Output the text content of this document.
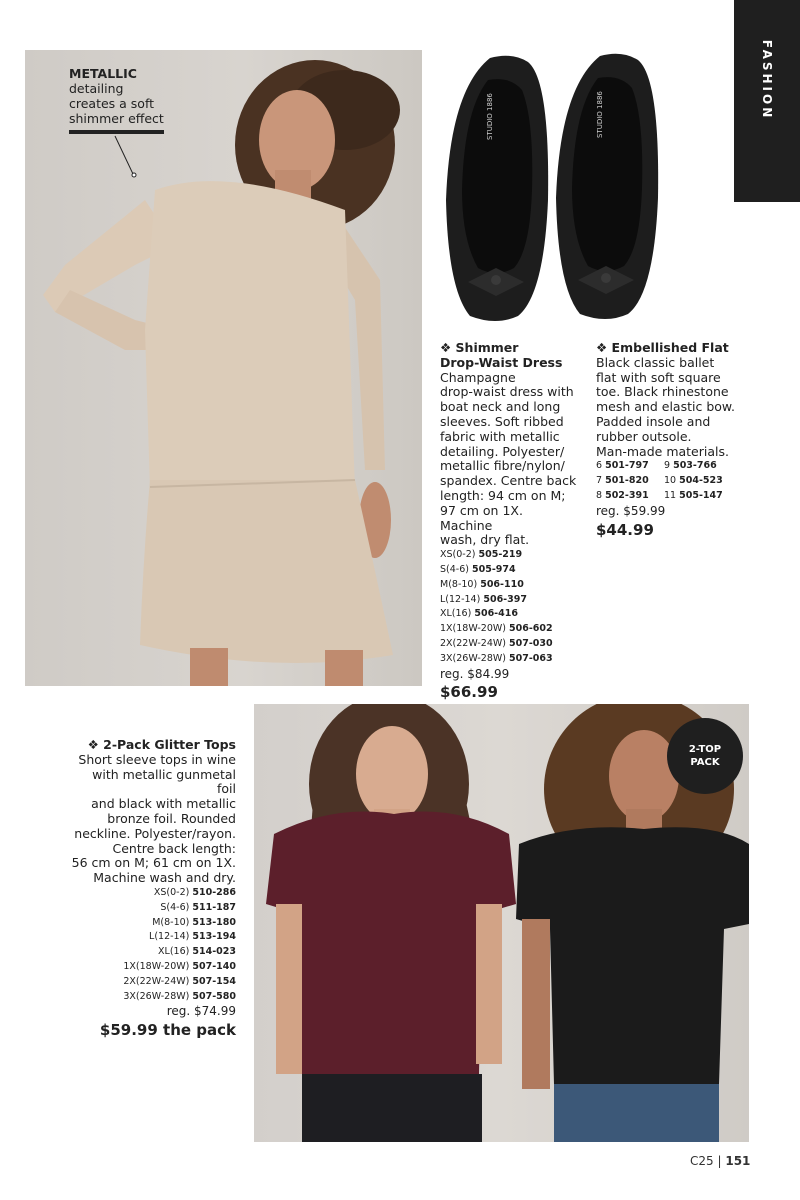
FASHION
METALLIC
detailing
creates a soft
shimmer effect	STUDIO 1886	STUDIO 1886
❖ Shimmer
Drop-Waist Dress
Champagne
drop-waist dress with
boat neck and long
sleeves. Soft ribbed
fabric with metallic
detailing. Polyester/
metallic fibre/nylon/
spandex. Centre back
length: 94 cm on M;
97 cm on 1X. Machine
wash, dry flat.
XS(0-2) 505-219
S(4-6) 505-974
M(8-10) 506-110
L(12-14) 506-397
XL(16) 506-416
1X(18W-20W) 506-602
2X(22W-24W) 507-030
3X(26W-28W) 507-063
reg. $84.99
$66.99
❖ Embellished Flat
Black classic ballet
flat with soft square
toe. Black rhinestone
mesh and elastic bow.
Padded insole and
rubber outsole.
Man-made materials.
6 501-797	9 503-766
7 501-820	10 504-523
8 502-391	11 505-147
reg. $59.99
$44.99
❖ 2-Pack Glitter Tops
Short sleeve tops in wine
with metallic gunmetal foil
and black with metallic
bronze foil. Rounded
neckline. Polyester/rayon.
Centre back length:
56 cm on M; 61 cm on 1X.
Machine wash and dry.
XS(0-2) 510-286
S(4-6) 511-187
M(8-10) 513-180
L(12-14) 513-194
XL(16) 514-023
1X(18W-20W) 507-140
2X(22W-24W) 507-154
3X(26W-28W) 507-580
reg. $74.99
$59.99 the pack
2-TOP
PACK
C25 | 151
